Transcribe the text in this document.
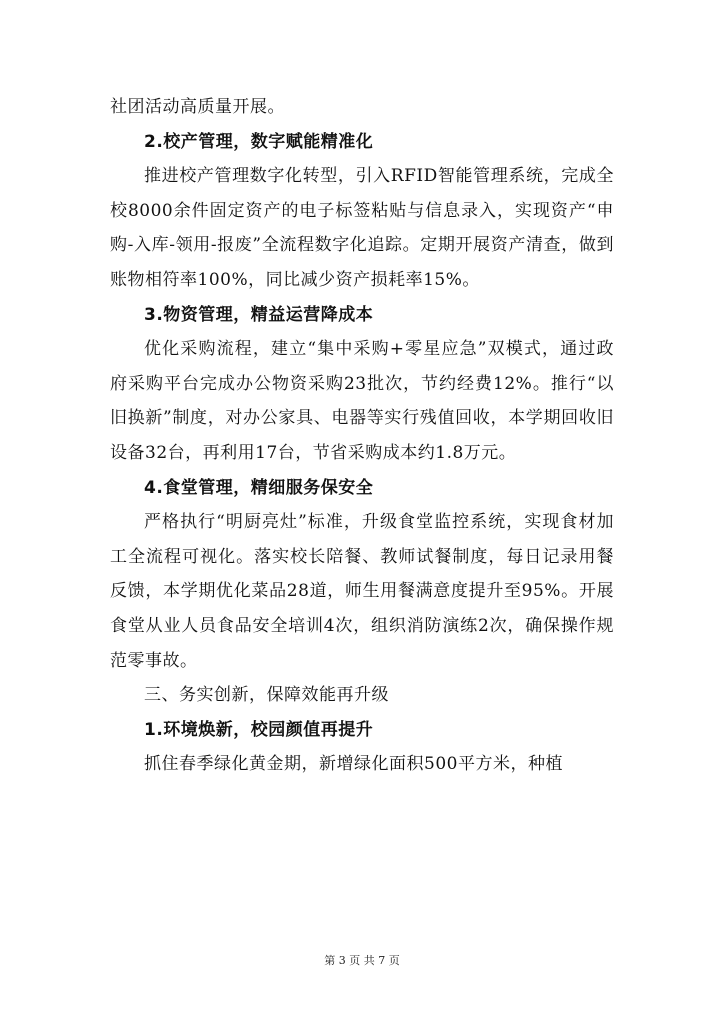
社团活动高质量开展。

2.校产管理，数字赋能精准化

推进校产管理数字化转型，引入RFID智能管理系统，完成全校8000余件固定资产的电子标签粘贴与信息录入，实现资产“申购-入库-领用-报废”全流程数字化追踪。定期开展资产清查，做到账物相符率100%，同比减少资产损耗率15%。

3.物资管理，精益运营降成本

优化采购流程，建立“集中采购+零星应急”双模式，通过政府采购平台完成办公物资采购23批次，节约经费12%。推行“以旧换新”制度，对办公家具、电器等实行残值回收，本学期回收旧设备32台，再利用17台，节省采购成本约1.8万元。

4.食堂管理，精细服务保安全

严格执行“明厨亮灶”标准，升级食堂监控系统，实现食材加工全流程可视化。落实校长陪餐、教师试餐制度，每日记录用餐反馈，本学期优化菜品28道，师生用餐满意度提升至95%。开展食堂从业人员食品安全培训4次，组织消防演练2次，确保操作规范零事故。

三、务实创新，保障效能再升级

1.环境焕新，校园颜值再提升

抓住春季绿化黄金期，新增绿化面积500平方米，种植

第 3 页 共 7 页
